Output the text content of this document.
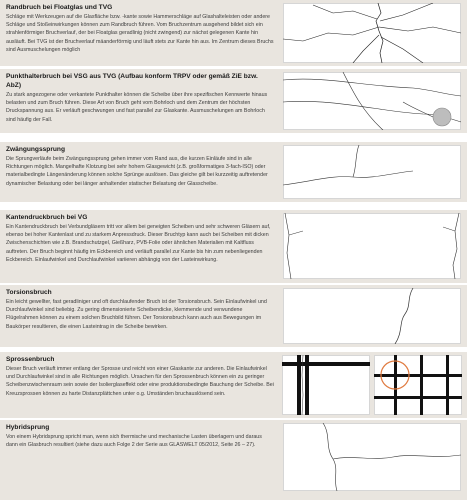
Randbruch bei Floatglas und TVG

Schläge mit Werkzeugen auf die Glasfläche bzw. -kante sowie Hammerschläge auf Glashalteleisten oder andere Schläge und Stoßeinwirkungen können zum Randbruch führen. Vom Bruchzentrum ausgehend bildet sich ein strahlenförmiger Bruchverlauf, der bei Floatglas geradlinig (nicht zwingend) zur nächst gelegenen Kante hin ausläuft. Bei TVG ist der Bruchverlauf mäanderförmig und läuft stets zur Kante hin aus. Im Zentrum dieses Bruchs sind Ausmuschelungen möglich

Punkthalterbruch bei VSG aus TVG (Aufbau konform TRPV oder gemäß ZiE bzw. AbZ)

Zu stark angezogene oder verkantete Punkthalter können die Scheibe über ihre spezifischen Kennwerte hinaus belasten und zum Bruch führen. Diese Art von Bruch geht vom Bohrloch und dem Zentrum der höchsten Druckspannung aus. Er verläuft geschwungen und fast parallel zur Glaskante. Ausmuschelungen am Bohrloch sind häufig der Fall.

Zwängungssprung

Die Sprungverläufe beim Zwängungssprung gehen immer vom Rand aus, die kurzen Einläufe sind in alle Richtungen möglich. Mangelhafte Klotzung bei sehr hohem Glasgewicht (z.B. großformatiges 3-fach-ISO) oder materialbedingte Längenänderung können solche Sprünge auslösen. Das gleiche gilt bei kurzzeitig auftretender dynamischer Belastung oder bei länger anhaltender statischer Belastung der Glasscheibe.

Kantendruckbruch bei VG

Ein Kantendruckbruch bei Verbundgläsern tritt vor allem bei geneigten Scheiben und sehr schweren Gläsern auf, ebenso bei hoher Kantenlast und zu starkem Anpressdruck. Dieser Bruchtyp kann auch bei Scheiben mit dicken Zwischenschichten wie z.B. Brandschutzgel, Gießharz, PVB-Folie oder ähnlichen Materialien mit Kaltfluss auftreten. Der Bruch beginnt häufig im Eckbereich und verläuft parallel zur Kante bis hin zum nebenliegenden Eckbereich. Einlaufwinkel und Durchlaufwinkel variieren abhängig von der Lasteinwirkung.

Torsionsbruch

Ein leicht gewellter, fast geradliniger und oft durchlaufender Bruch ist der Torsionsbruch. Sein Einlaufwinkel und Durchlaufwinkel sind beliebig. Zu gering dimensionierte Scheibendicke, klemmende und verwundene Flügelrahmen können zu einem solchen Bruchbild führen. Der Torsionsbruch kann auch aus Bewegungen im Baukörper resultieren, die einen Lasteintrag in die Scheibe bewirken.

Sprossenbruch

Dieser Bruch verläuft immer entlang der Sprosse und reicht von einer Glaskante zur anderen. Die Einlaufwinkel und Durchlaufwinkel sind in alle Richtungen möglich. Ursachen für den Sprossenbruch können ein zu geringer Scheibenzwischenraum sein sowie der Isolierglaseffekt oder eine produktionsbedingte Bauchung der Scheibe. Bei Kreuzsprossen können zu harte Distanzplättchen unter o.g. Umständen bruchauslösend sein.

Hybridsprung

Von einem Hybridsprung spricht man, wenn sich thermische und mechanische Lasten überlagern und daraus dann ein Glasbruch resultiert (siehe dazu auch Folge 2 der Serie aus GLASWELT 05/2012, Seite 26 – 27).
